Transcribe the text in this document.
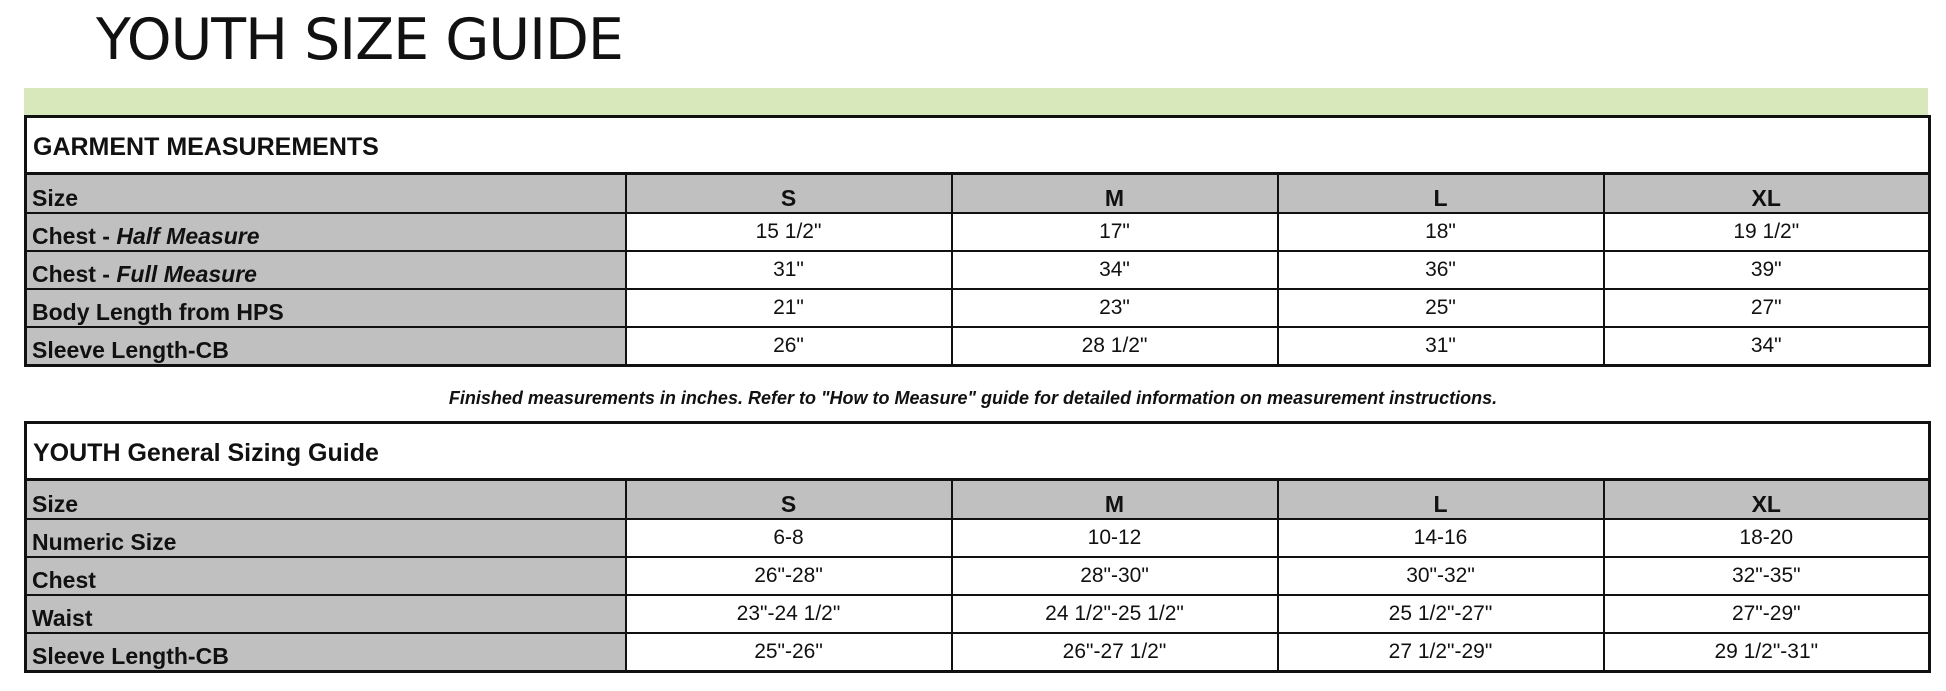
YOUTH SIZE GUIDE
GARMENT MEASUREMENTS				
Size	S	M	L	XL
Chest - Half Measure	15 1/2"	17"	18"	19 1/2"
Chest - Full Measure	31"	34"	36"	39"
Body Length from HPS	21"	23"	25"	27"
Sleeve Length-CB	26"	28 1/2"	31"	34"
Finished measurements in inches. Refer to "How to Measure" guide for detailed information on measurement instructions.
YOUTH General Sizing Guide				
Size	S	M	L	XL
Numeric Size	6-8	10-12	14-16	18-20
Chest	26"-28"	28"-30"	30"-32"	32"-35"
Waist	23"-24 1/2"	24 1/2"-25 1/2"	25 1/2"-27"	27"-29"
Sleeve Length-CB	25"-26"	26"-27 1/2"	27 1/2"-29"	29 1/2"-31"
